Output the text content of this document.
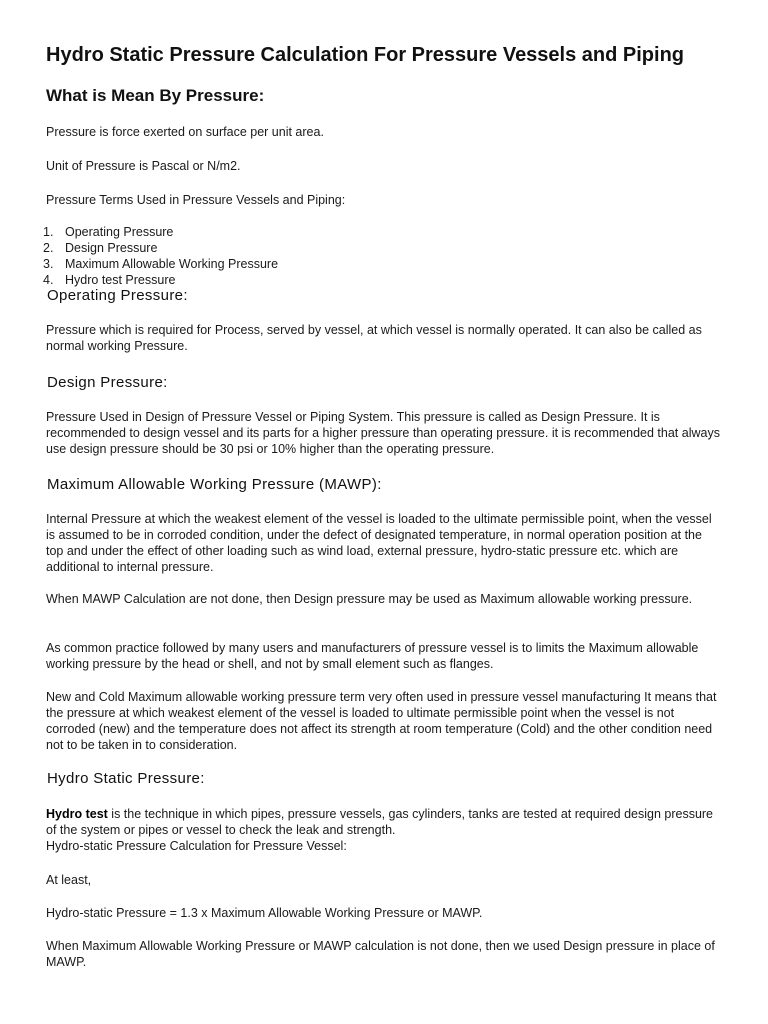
Hydro Static Pressure Calculation For Pressure Vessels and Piping
What is Mean By Pressure:

Pressure is force exerted on surface per unit area.

Unit of Pressure is Pascal or N/m2.

Pressure Terms Used in Pressure Vessels and Piping:

1. Operating Pressure
2. Design Pressure
3. Maximum Allowable Working Pressure
4. Hydro test Pressure
Operating Pressure:

Pressure which is required for Process, served by vessel, at which vessel is normally operated. It can also be called as normal working Pressure.

Design Pressure:

Pressure Used in Design of Pressure Vessel or Piping System. This pressure is called as Design Pressure. It is recommended to design vessel and its parts for a higher pressure than operating pressure. it is recommended that always use design pressure should be 30 psi or 10% higher than the operating pressure.

Maximum Allowable Working Pressure (MAWP):

Internal Pressure at which the weakest element of the vessel is loaded to the ultimate permissible point, when the vessel is assumed to be in corroded condition, under the defect of designated temperature, in normal operation position at the top and under the effect of other loading such as wind load, external pressure, hydro-static pressure etc. which are additional to internal pressure.

When MAWP Calculation are not done, then Design pressure may be used as Maximum allowable working pressure.

As common practice followed by many users and manufacturers of pressure vessel is to limits the Maximum allowable working pressure by the head or shell, and not by small element such as flanges.

New and Cold Maximum allowable working pressure term very often used in pressure vessel manufacturing It means that the pressure at which weakest element of the vessel is loaded to ultimate permissible point when the vessel is not corroded (new) and the temperature does not affect its strength at room temperature (Cold) and the other condition need not to be taken in to consideration.

Hydro Static Pressure:

Hydro test is the technique in which pipes, pressure vessels, gas cylinders, tanks are tested at required design pressure of the system or pipes or vessel to check the leak and strength.
Hydro-static Pressure Calculation for Pressure Vessel:

At least,

Hydro-static Pressure = 1.3 x Maximum Allowable Working Pressure or MAWP.

When Maximum Allowable Working Pressure or MAWP calculation is not done, then we used Design pressure in place of MAWP.
